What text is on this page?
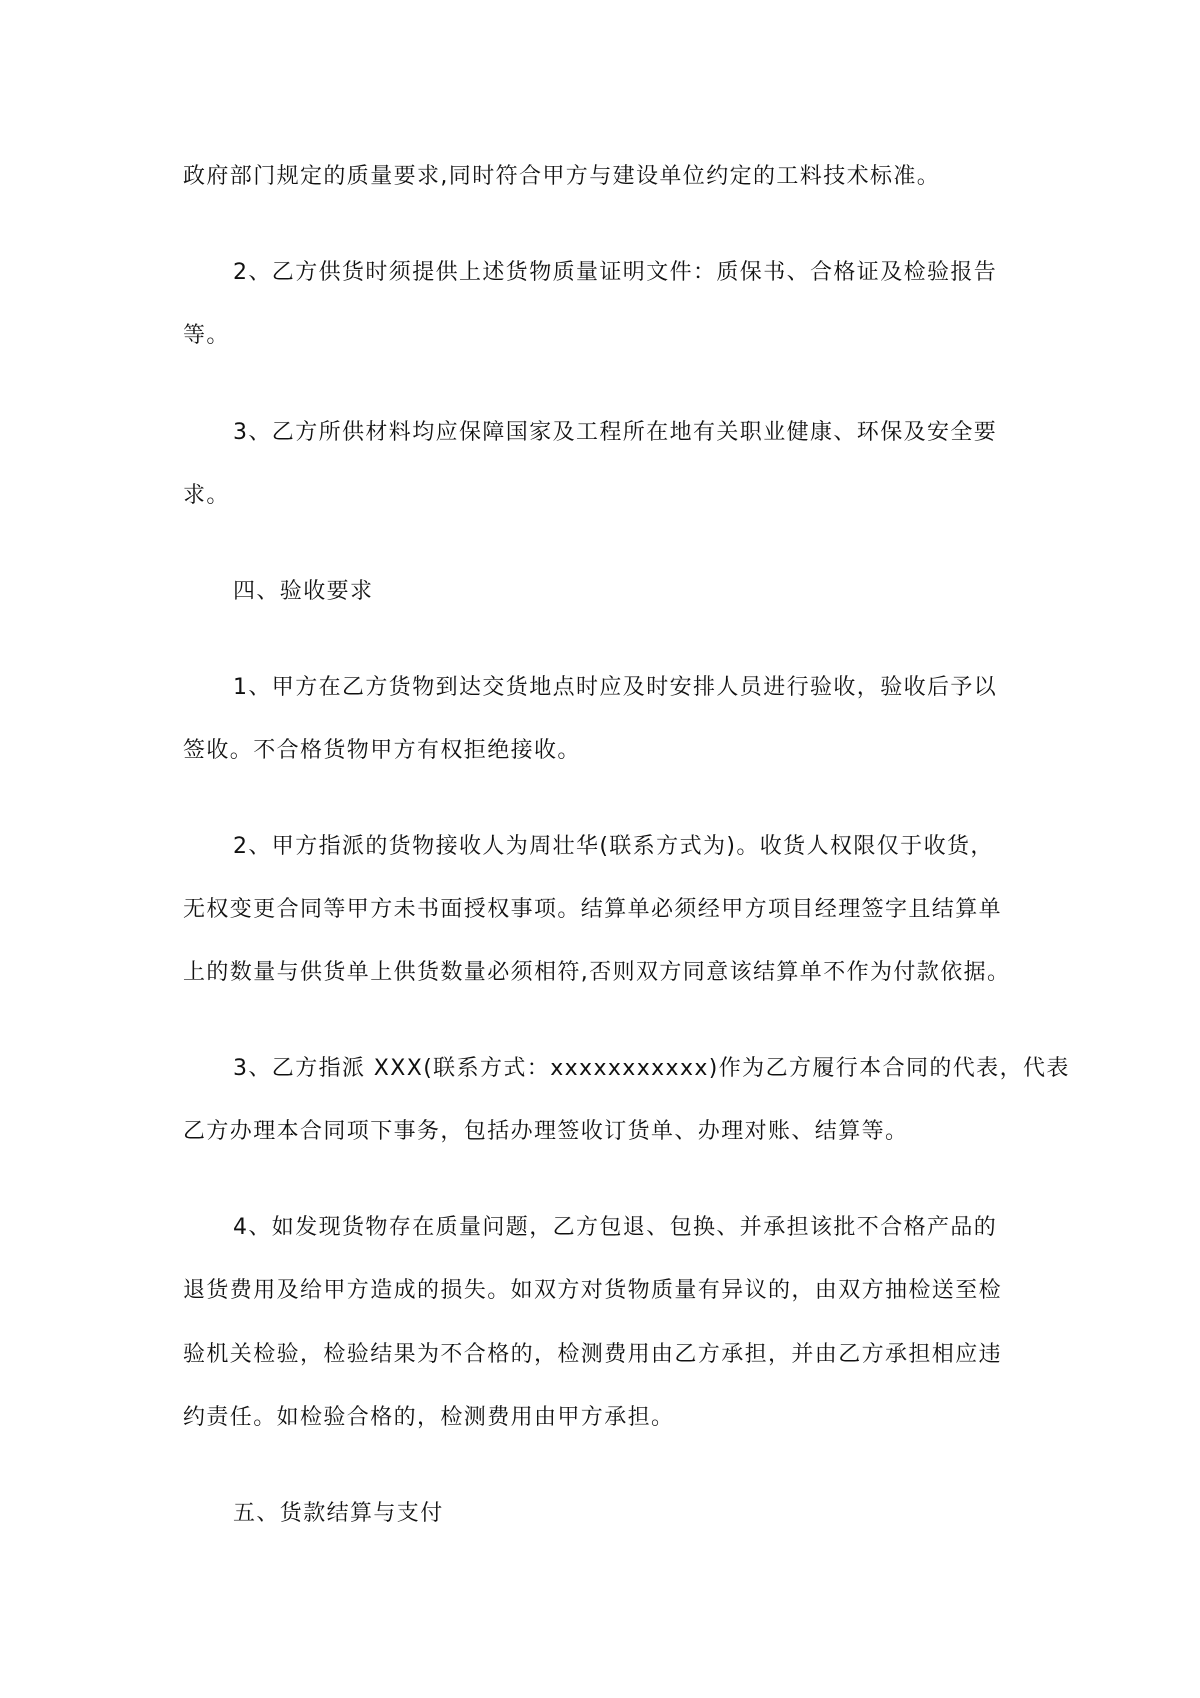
政府部门规定的质量要求,同时符合甲方与建设单位约定的工料技术标准。
2、乙方供货时须提供上述货物质量证明文件：质保书、合格证及检验报告
等。
3、乙方所供材料均应保障国家及工程所在地有关职业健康、环保及安全要
求。
四、验收要求
1、甲方在乙方货物到达交货地点时应及时安排人员进行验收，验收后予以
签收。不合格货物甲方有权拒绝接收。
2、甲方指派的货物接收人为周壮华(联系方式为)。收货人权限仅于收货，
无权变更合同等甲方未书面授权事项。结算单必须经甲方项目经理签字且结算单
上的数量与供货单上供货数量必须相符,否则双方同意该结算单不作为付款依据。
3、乙方指派 XXX(联系方式：xxxxxxxxxxx)作为乙方履行本合同的代表，代表
乙方办理本合同项下事务，包括办理签收订货单、办理对账、结算等。
4、如发现货物存在质量问题，乙方包退、包换、并承担该批不合格产品的
退货费用及给甲方造成的损失。如双方对货物质量有异议的，由双方抽检送至检
验机关检验，检验结果为不合格的，检测费用由乙方承担，并由乙方承担相应违
约责任。如检验合格的，检测费用由甲方承担。
五、货款结算与支付
